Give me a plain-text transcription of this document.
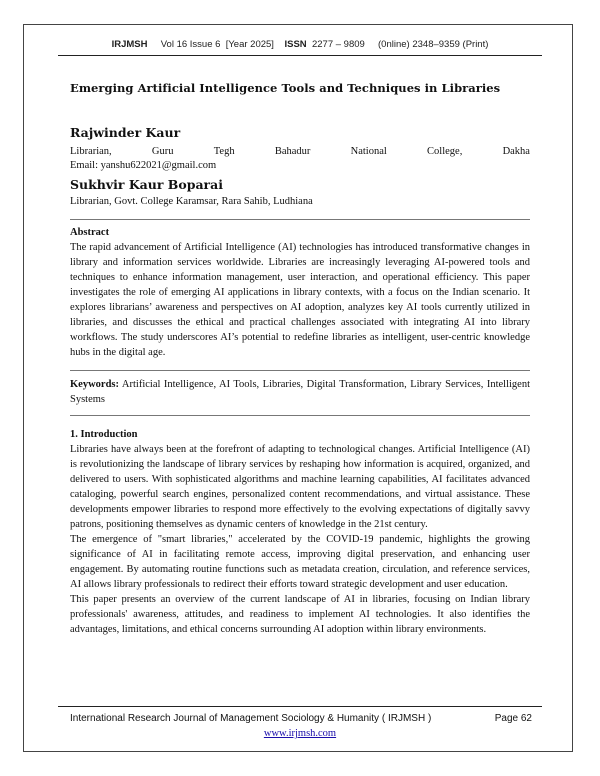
IRJMSH Vol 16 Issue 6 [Year 2025] ISSN 2277 – 9809 (0nline) 2348–9359 (Print)
Emerging Artificial Intelligence Tools and Techniques in Libraries
Rajwinder Kaur
Librarian,	Guru	Tegh	Bahadur	National	College,	Dakha
Email: yanshu622021@gmail.com
Sukhvir Kaur Boparai
Librarian, Govt. College Karamsar, Rara Sahib, Ludhiana

Abstract

The rapid advancement of Artificial Intelligence (AI) technologies has introduced transformative changes in library and information services worldwide. Libraries are increasingly leveraging AI-powered tools and techniques to enhance information management, user interaction, and operational efficiency. This paper investigates the role of emerging AI applications in library contexts, with a focus on the Indian scenario. It explores librarians’ awareness and perspectives on AI adoption, analyzes key AI tools currently utilized in libraries, and discusses the ethical and practical challenges associated with integrating AI into library workflows. The study underscores AI’s potential to redefine libraries as intelligent, user-centric knowledge hubs in the digital age.

Keywords: Artificial Intelligence, AI Tools, Libraries, Digital Transformation, Library Services, Intelligent Systems

1. Introduction

Libraries have always been at the forefront of adapting to technological changes. Artificial Intelligence (AI) is revolutionizing the landscape of library services by reshaping how information is acquired, organized, and delivered to users. With sophisticated algorithms and machine learning capabilities, AI facilitates advanced cataloging, powerful search engines, personalized content recommendations, and virtual assistance. These developments empower libraries to respond more effectively to the evolving expectations of digitally savvy patrons, positioning themselves as dynamic centers of knowledge in the 21st century.

The emergence of "smart libraries," accelerated by the COVID-19 pandemic, highlights the growing significance of AI in facilitating remote access, improving digital preservation, and enhancing user engagement. By automating routine functions such as metadata creation, circulation, and reference services, AI allows library professionals to redirect their efforts toward strategic development and user education.

This paper presents an overview of the current landscape of AI in libraries, focusing on Indian library professionals' awareness, attitudes, and readiness to implement AI technologies. It also identifies the advantages, limitations, and ethical concerns surrounding AI adoption within library environments.

International Research Journal of Management Sociology & Humanity ( IRJMSH )	Page 62
www.irjmsh.com
